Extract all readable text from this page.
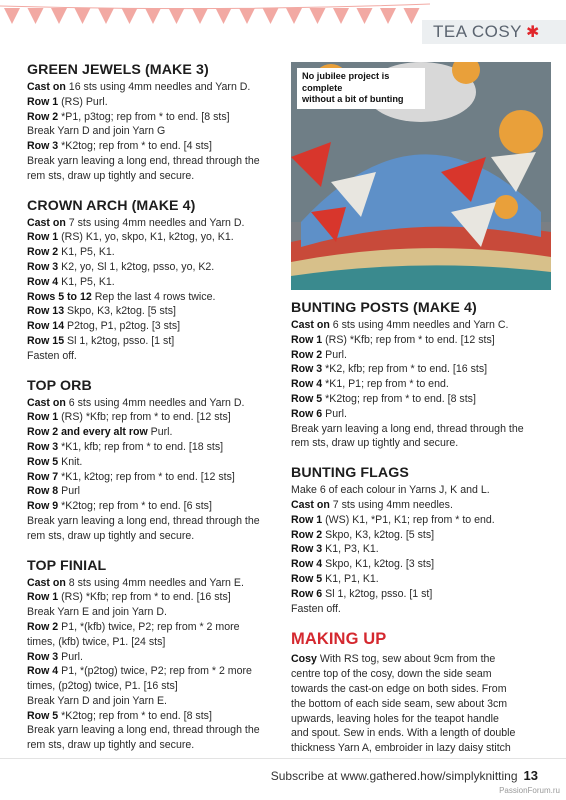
TEA COSY ✱
GREEN JEWELS (MAKE 3)

Cast on 16 sts using 4mm needles and Yarn D.

Row 1 (RS) Purl.

Row 2 *P1, p3tog; rep from * to end. [8 sts]

Break Yarn D and join Yarn G

Row 3 *K2tog; rep from * to end. [4 sts]

Break yarn leaving a long end, thread through the

rem sts, draw up tightly and secure.

CROWN ARCH (MAKE 4)

Cast on 7 sts using 4mm needles and Yarn D.

Row 1 (RS) K1, yo, skpo, K1, k2tog, yo, K1.

Row 2 K1, P5, K1.

Row 3 K2, yo, Sl 1, k2tog, psso, yo, K2.

Row 4 K1, P5, K1.

Rows 5 to 12 Rep the last 4 rows twice.

Row 13 Skpo, K3, k2tog. [5 sts]

Row 14 P2tog, P1, p2tog. [3 sts]

Row 15 Sl 1, k2tog, psso. [1 st]

Fasten off.

TOP ORB

Cast on 6 sts using 4mm needles and Yarn D.

Row 1 (RS) *Kfb; rep from * to end. [12 sts]

Row 2 and every alt row Purl.

Row 3 *K1, kfb; rep from * to end. [18 sts]

Row 5 Knit.

Row 7 *K1, k2tog; rep from * to end. [12 sts]

Row 8 Purl

Row 9 *K2tog; rep from * to end. [6 sts]

Break yarn leaving a long end, thread through the

rem sts, draw up tightly and secure.

TOP FINIAL

Cast on 8 sts using 4mm needles and Yarn E.

Row 1 (RS) *Kfb; rep from * to end. [16 sts]

Break Yarn E and join Yarn D.

Row 2 P1, *(kfb) twice, P2; rep from * 2 more

times, (kfb) twice, P1. [24 sts]

Row 3 Purl.

Row 4 P1, *(p2tog) twice, P2; rep from * 2 more

times, (p2tog) twice, P1. [16 sts]

Break Yarn D and join Yarn E.

Row 5 *K2tog; rep from * to end. [8 sts]

Break yarn leaving a long end, thread through the

rem sts, draw up tightly and secure.

No jubilee project is complete
without a bit of bunting
BUNTING POSTS (MAKE 4)

Cast on 6 sts using 4mm needles and Yarn C.

Row 1 (RS) *Kfb; rep from * to end. [12 sts]

Row 2 Purl.

Row 3 *K2, kfb; rep from * to end. [16 sts]

Row 4 *K1, P1; rep from * to end.

Row 5 *K2tog; rep from * to end. [8 sts]

Row 6 Purl.

Break yarn leaving a long end, thread through the

rem sts, draw up tightly and secure.

BUNTING FLAGS

Make 6 of each colour in Yarns J, K and L.

Cast on 7 sts using 4mm needles.

Row 1 (WS) K1, *P1, K1; rep from * to end.

Row 2 Skpo, K3, k2tog. [5 sts]

Row 3 K1, P3, K1.

Row 4 Skpo, K1, k2tog. [3 sts]

Row 5 K1, P1, K1.

Row 6 Sl 1, k2tog, psso. [1 st]

Fasten off.

MAKING UP

Cosy With RS tog, sew about 9cm from the

centre top of the cosy, down the side seam

towards the cast-on edge on both sides. From

the bottom of each side seam, sew about 3cm

upwards, leaving holes for the teapot handle

and spout. Sew in ends. With a length of double

thickness Yarn A, embroider in lazy daisy stitch

Subscribe at www.gathered.how/simplyknitting 13
PassionForum.ru
